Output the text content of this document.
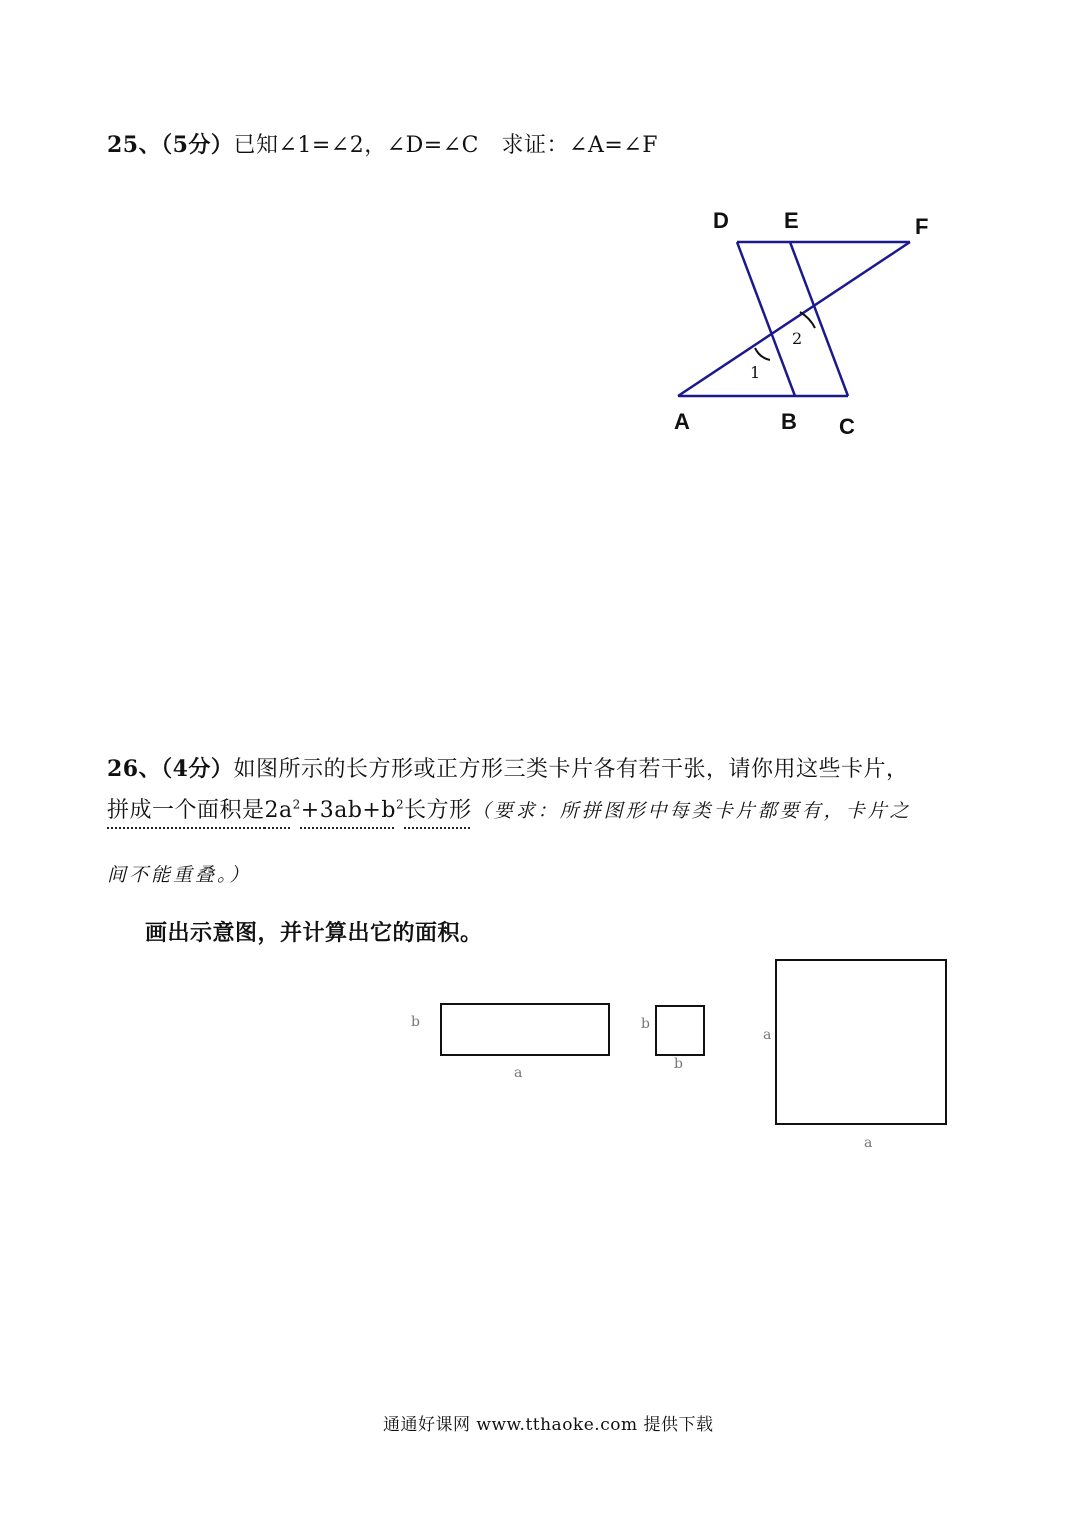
25、（5分）已知∠1=∠2，∠D=∠C　求证：∠A=∠F
D	E	F
A	B C
1
2
26、（4分）如图所示的长方形或正方形三类卡片各有若干张，请你用这些卡片，
拼成一个面积是$2a^2+3ab+b^2$长方形（要求：所拼图形中每类卡片都要有，卡片之
间不能重叠。）
画出示意图，并计算出它的面积。
b
a
b
b
a
a
通通好课网 www.tthaoke.com 提供下载
